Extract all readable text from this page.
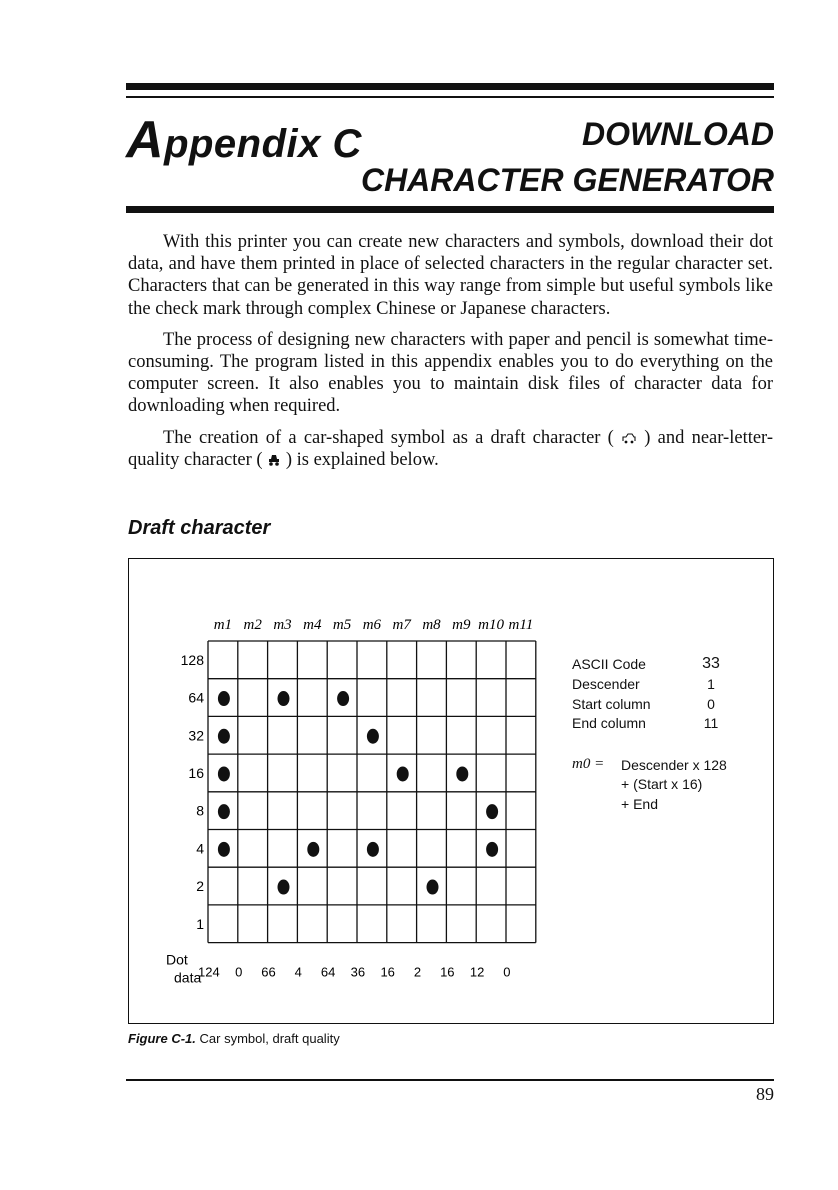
Appendix C	DOWNLOAD
CHARACTER GENERATOR

With this printer you can create new characters and symbols, download their dot data, and have them printed in place of selected characters in the regular character set. Characters that can be generated in this way range from simple but useful symbols like the check mark through complex Chinese or Japanese characters.

The process of designing new characters with paper and pencil is somewhat time-consuming. The program listed in this appendix enables you to do everything on the computer screen. It also enables you to maintain disk files of character data for downloading when required.

The creation of a car-shaped symbol as a draft character ( ) and near-letter-quality character ( ) is explained below.

Draft character
m1 m2 m3 m4 m5 m6 m7 m8 m9 m10 m11
128
64
32
16
8
4
2
1
Dot
data
124 0 66 4 64 36 16 2 16 12 0
ASCII Code	33
Descender	1
Start column	0
End column	11
m0 = Descender x 128
+ (Start x 16)
+ End
Figure C-1. Car symbol, draft quality
89
